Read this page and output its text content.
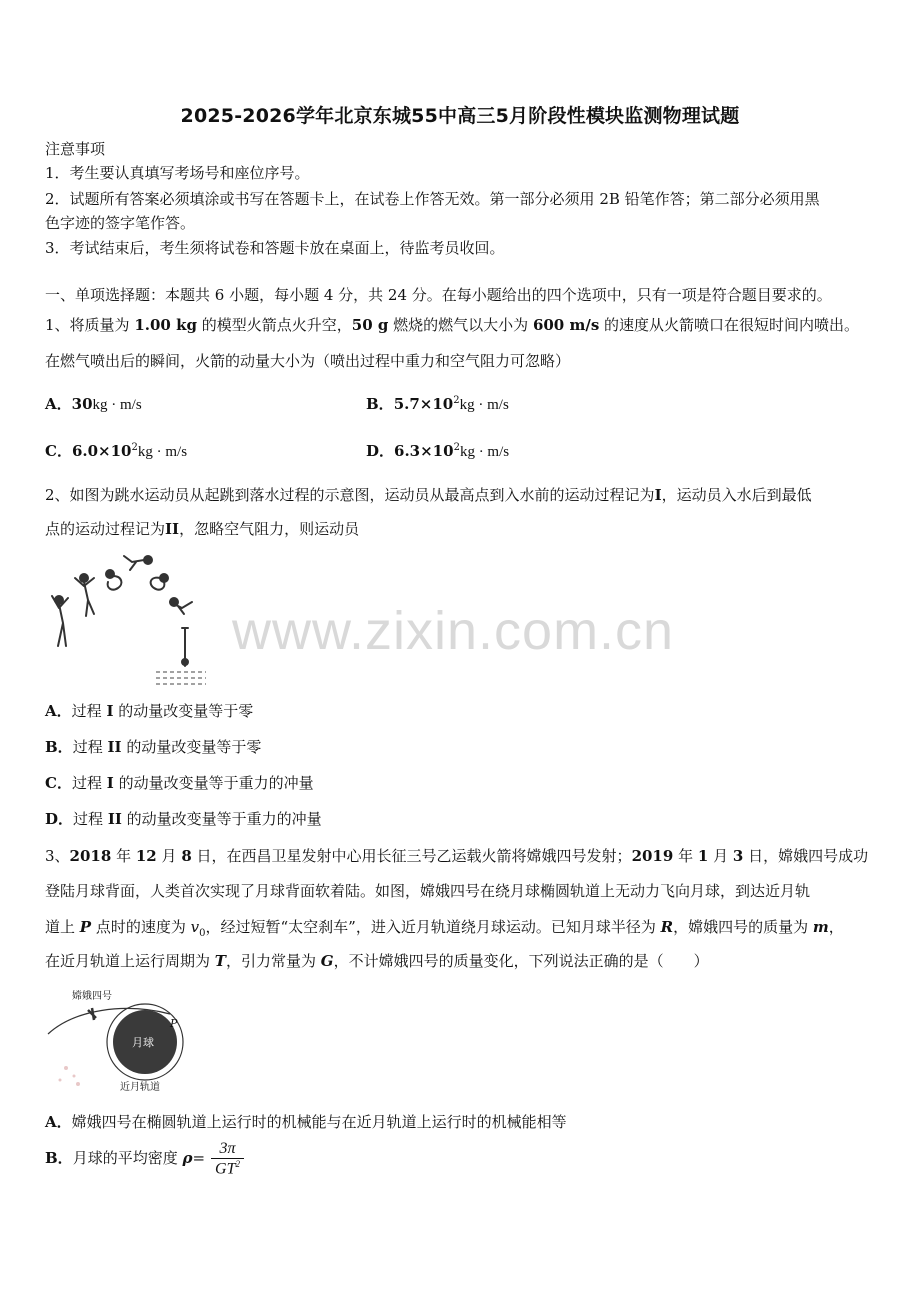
2025-2026学年北京东城55中高三5月阶段性模块监测物理试题
注意事项
1．考生要认真填写考场号和座位序号。
2．试题所有答案必须填涂或书写在答题卡上，在试卷上作答无效。第一部分必须用 2B 铅笔作答；第二部分必须用黑
色字迹的签字笔作答。
3．考试结束后，考生须将试卷和答题卡放在桌面上，待监考员收回。
一、单项选择题：本题共 6 小题，每小题 4 分，共 24 分。在每小题给出的四个选项中，只有一项是符合题目要求的。
1、将质量为 1.00 kg 的模型火箭点火升空，50 g 燃烧的燃气以大小为 600 m/s 的速度从火箭喷口在很短时间内喷出。
在燃气喷出后的瞬间，火箭的动量大小为（喷出过程中重力和空气阻力可忽略）
A．30kg · m/s	B．$5.7\times 10^2kg \cdot m/s$
C．$6.0\times 10^2kg \cdot m/s$	D．$6.3\times 10^2kg \cdot m/s$
2、如图为跳水运动员从起跳到落水过程的示意图，运动员从最高点到入水前的运动过程记为I，运动员入水后到最低
点的运动过程记为II，忽略空气阻力，则运动员
www.zixin.com.cn
A．过程 I 的动量改变量等于零
B．过程 II 的动量改变量等于零
C．过程 I 的动量改变量等于重力的冲量
D．过程 II 的动量改变量等于重力的冲量
3、2018 年 12 月 8 日，在西昌卫星发射中心用长征三号乙运载火箭将嫦娥四号发射；2019 年 1 月 3 日，嫦娥四号成功
登陆月球背面，人类首次实现了月球背面软着陆。如图，嫦娥四号在绕月球椭圆轨道上无动力飞向月球，到达近月轨
道上 P 点时的速度为 $v_0$，经过短暂“太空刹车”，进入近月轨道绕月球运动。已知月球半径为 R，嫦娥四号的质量为 m，
在近月轨道上运行周期为 T，引力常量为 G，不计嫦娥四号的质量变化，下列说法正确的是（　　）
嫦娥四号
月球
近月轨道
P
A．嫦娥四号在椭圆轨道上运行时的机械能与在近月轨道上运行时的机械能相等
B．月球的平均密度 $\rho= \frac{3\pi}{GT^2}$
